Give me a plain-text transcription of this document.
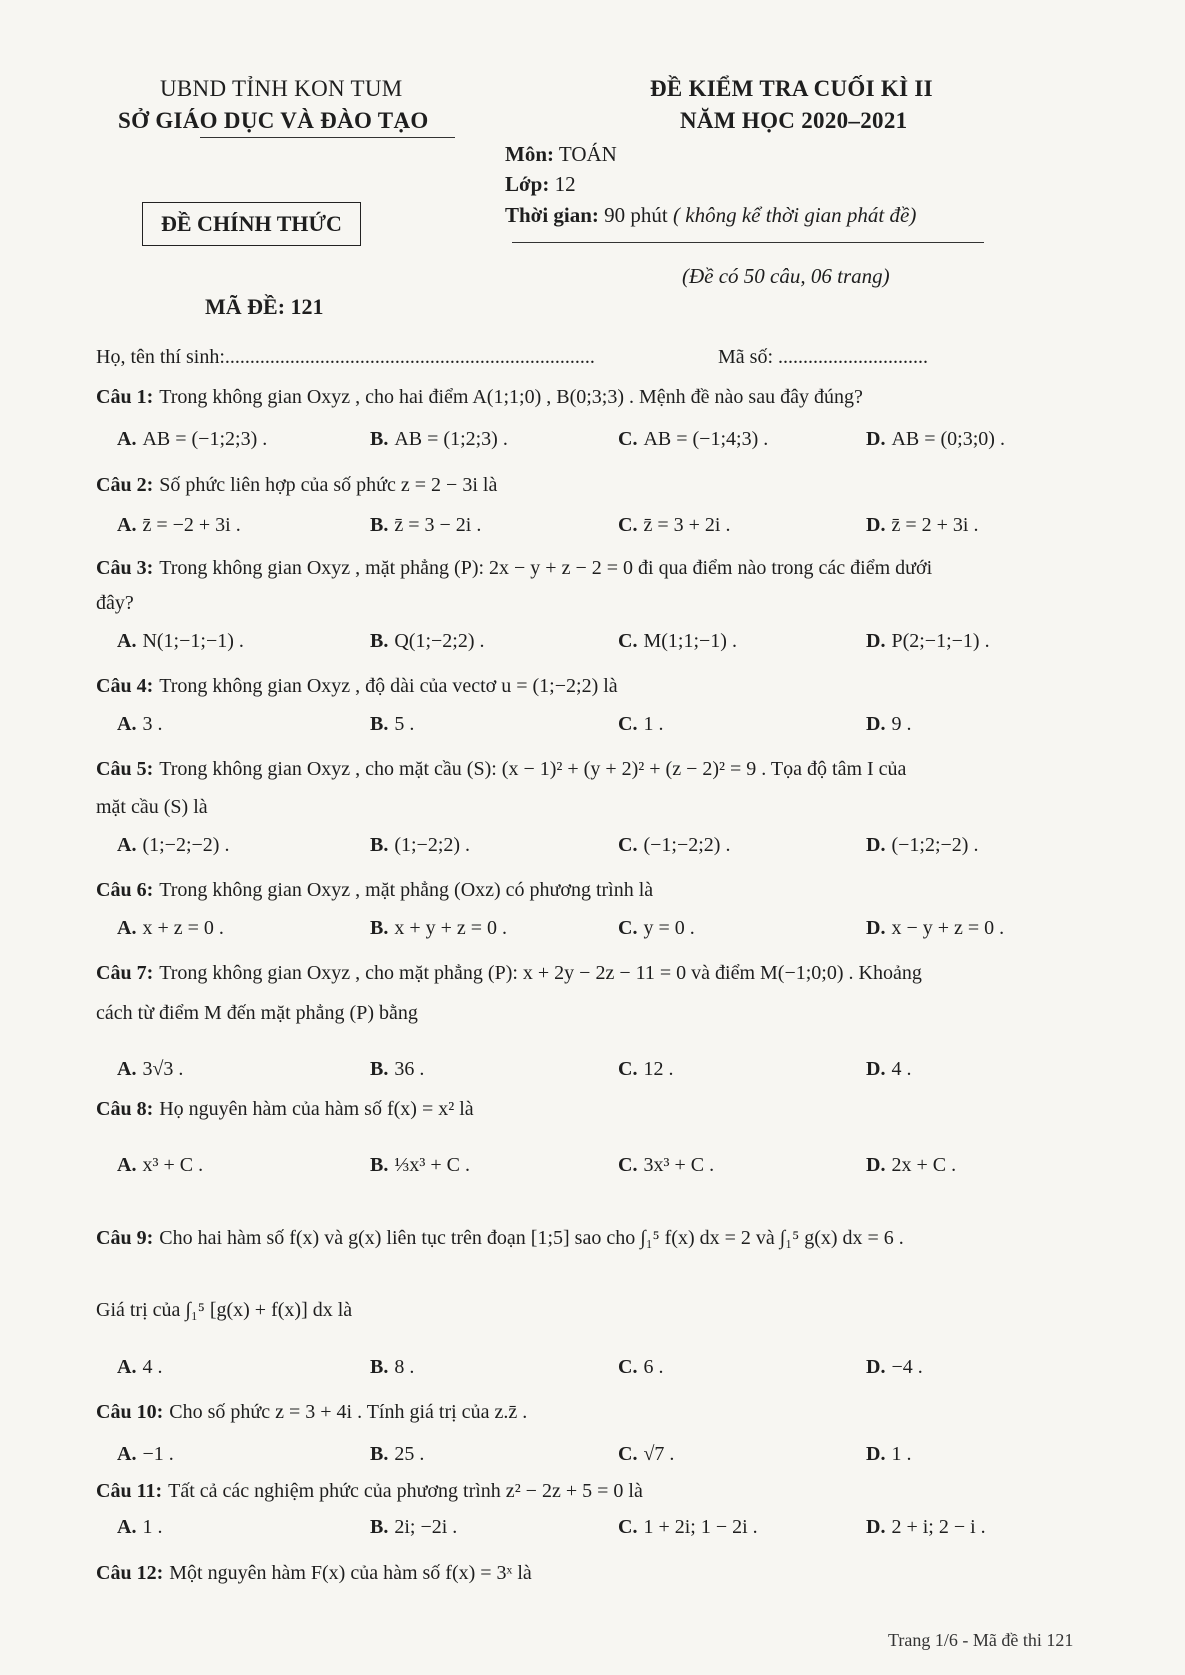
UBND TỈNH KON TUM
SỞ GIÁO DỤC VÀ ĐÀO TẠO
ĐỀ KIỂM TRA CUỐI KÌ II
NĂM HỌC 2020–2021
Môn: TOÁN
Lớp: 12
Thời gian: 90 phút ( không kể thời gian phát đề)
ĐỀ CHÍNH THỨC
(Đề có 50 câu, 06 trang)
MÃ ĐỀ: 121
Họ, tên thí sinh:..........................................................................	Mã số: ..............................
Câu 1: Trong không gian Oxyz , cho hai điểm A(1;1;0) , B(0;3;3) . Mệnh đề nào sau đây đúng?
A. AB = (−1;2;3) .	B. AB = (1;2;3) .	C. AB = (−1;4;3) .	D. AB = (0;3;0) .
Câu 2: Số phức liên hợp của số phức z = 2 − 3i là
A. z̄ = −2 + 3i .	B. z̄ = 3 − 2i .	C. z̄ = 3 + 2i .	D. z̄ = 2 + 3i .
Câu 3: Trong không gian Oxyz , mặt phẳng (P): 2x − y + z − 2 = 0 đi qua điểm nào trong các điểm dưới
đây?
A. N(1;−1;−1) .	B. Q(1;−2;2) .	C. M(1;1;−1) .	D. P(2;−1;−1) .
Câu 4: Trong không gian Oxyz , độ dài của vectơ u = (1;−2;2) là
A. 3 .	B. 5 .	C. 1 .	D. 9 .
Câu 5: Trong không gian Oxyz , cho mặt cầu (S): (x − 1)² + (y + 2)² + (z − 2)² = 9 . Tọa độ tâm I của
mặt cầu (S) là
A. (1;−2;−2) .	B. (1;−2;2) .	C. (−1;−2;2) .	D. (−1;2;−2) .
Câu 6: Trong không gian Oxyz , mặt phẳng (Oxz) có phương trình là
A. x + z = 0 .	B. x + y + z = 0 .	C. y = 0 .	D. x − y + z = 0 .
Câu 7: Trong không gian Oxyz , cho mặt phẳng (P): x + 2y − 2z − 11 = 0 và điểm M(−1;0;0) . Khoảng
cách từ điểm M đến mặt phẳng (P) bằng
A. 3√3 .	B. 36 .	C. 12 .	D. 4 .
Câu 8: Họ nguyên hàm của hàm số f(x) = x² là
A. x³ + C .	B. ⅓x³ + C .	C. 3x³ + C .	D. 2x + C .
Câu 9: Cho hai hàm số f(x) và g(x) liên tục trên đoạn [1;5] sao cho ∫₁⁵ f(x) dx = 2 và ∫₁⁵ g(x) dx = 6 .
Giá trị của ∫₁⁵ [g(x) + f(x)] dx là
A. 4 .	B. 8 .	C. 6 .	D. −4 .
Câu 10: Cho số phức z = 3 + 4i . Tính giá trị của z.z̄ .
A. −1 .	B. 25 .	C. √7 .	D. 1 .
Câu 11: Tất cả các nghiệm phức của phương trình z² − 2z + 5 = 0 là
A. 1 .	B. 2i; −2i .	C. 1 + 2i; 1 − 2i .	D. 2 + i; 2 − i .
Câu 12: Một nguyên hàm F(x) của hàm số f(x) = 3ˣ là
Trang 1/6 - Mã đề thi 121
